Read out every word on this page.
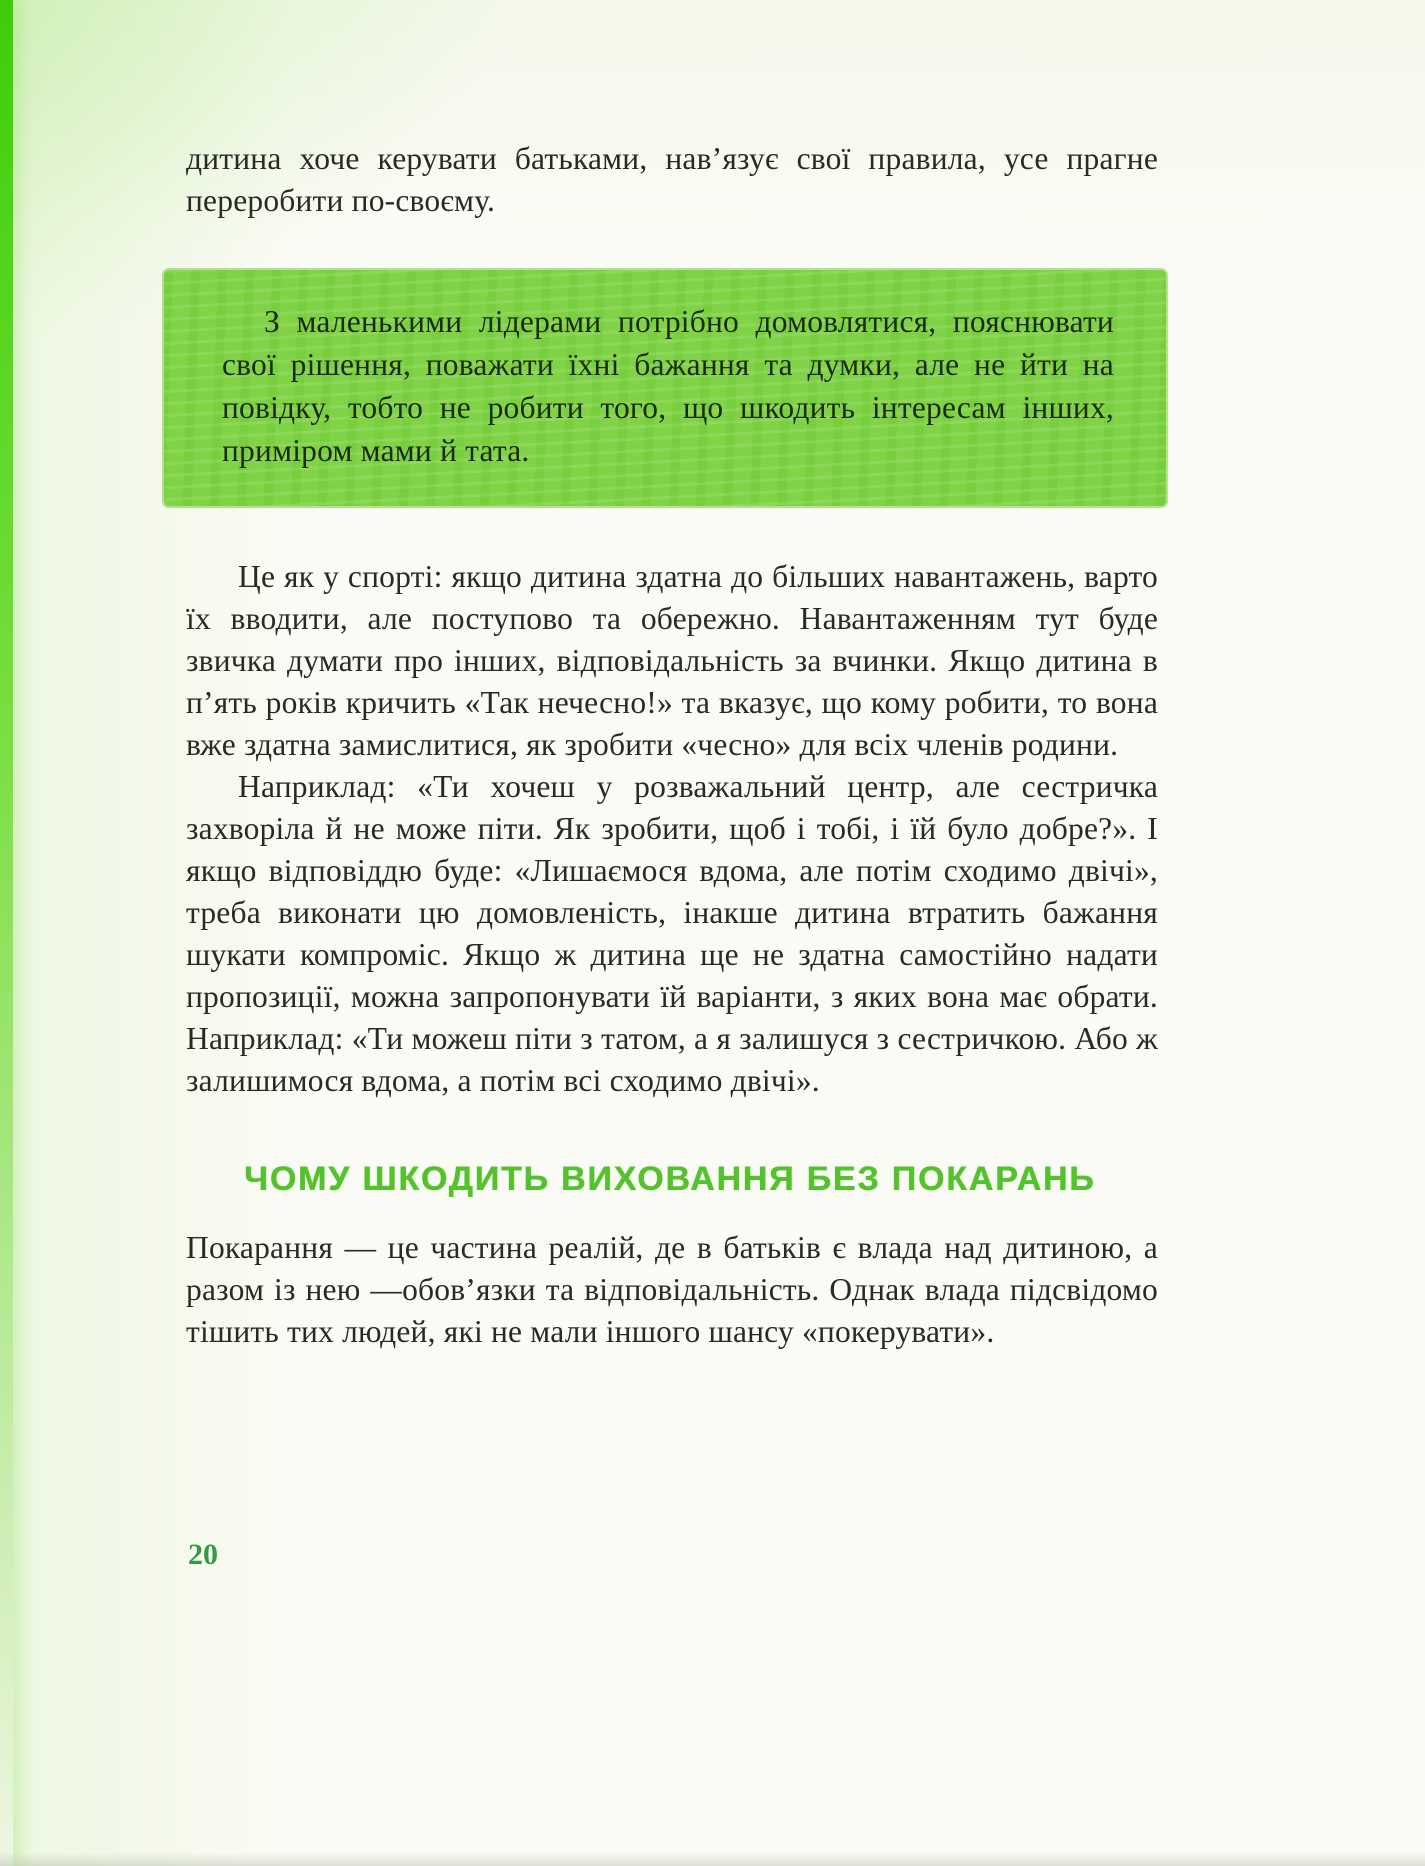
дитина хоче керувати батьками, нав’язує свої правила, усе прагне переробити по-своєму.

З маленькими лідерами потрібно домовлятися, пояснювати свої рішення, поважати їхні бажання та думки, але не йти на повідку, тобто не робити того, що шкодить інтересам інших, приміром мами й тата.

Це як у спорті: якщо дитина здатна до більших навантажень, варто їх вводити, але поступово та обережно. Навантаженням тут буде звичка думати про інших, відповідальність за вчинки. Якщо дитина в п’ять років кричить «Так нечесно!» та вказує, що кому робити, то вона вже здатна замислитися, як зробити «чесно» для всіх членів родини.

Наприклад: «Ти хочеш у розважальний центр, але сестричка захворіла й не може піти. Як зробити, щоб і тобі, і їй було добре?». І якщо відповіддю буде: «Лишаємося вдома, але потім сходимо двічі», треба виконати цю домовленість, інакше дитина втратить бажання шукати компроміс. Якщо ж дитина ще не здатна самостійно надати пропозиції, можна запропонувати їй варіанти, з яких вона має обрати. Наприклад: «Ти можеш піти з татом, а я залишуся з сестричкою. Або ж залишимося вдома, а потім всі сходимо двічі».

ЧОМУ ШКОДИТЬ ВИХОВАННЯ БЕЗ ПОКАРАНЬ

Покарання — це частина реалій, де в батьків є влада над дитиною, а разом із нею —обов’язки та відповідальність. Однак влада підсвідомо тішить тих людей, які не мали іншого шансу «покерувати».

20
